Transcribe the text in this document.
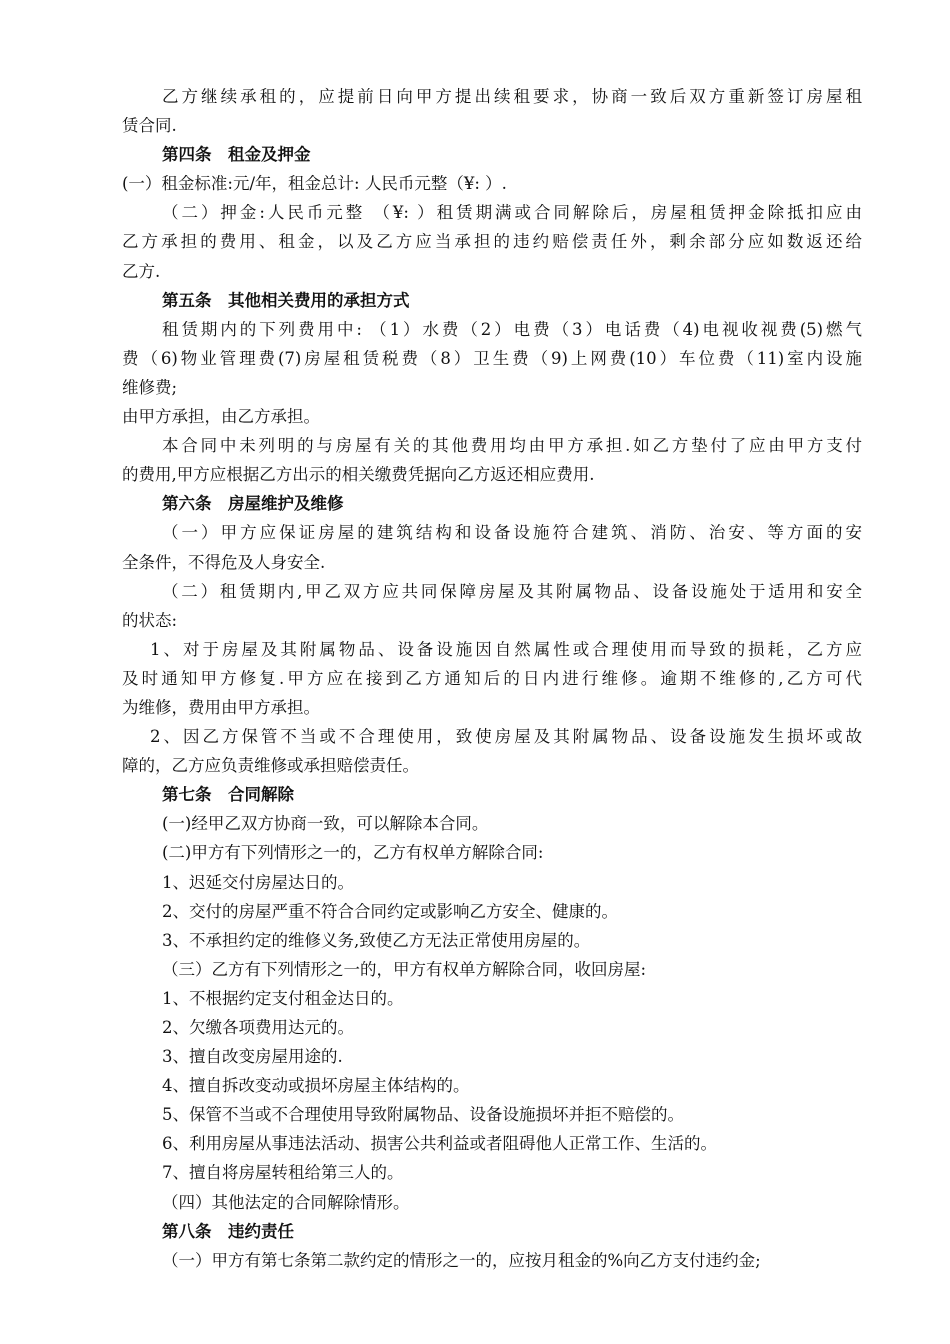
乙方继续承租的，应提前日向甲方提出续租要求，协商一致后双方重新签订房屋租
赁合同.
第四条　租金及押金
(一）租金标准:元/年，租金总计: 人民币元整（¥: ）.
（二）押金:人民币元整 （¥: ）租赁期满或合同解除后，房屋租赁押金除抵扣应由
乙方承担的费用、租金，以及乙方应当承担的违约赔偿责任外，剩余部分应如数返还给
乙方.
第五条　其他相关费用的承担方式
租赁期内的下列费用中: （1）水费（2）电费（3）电话费（4)电视收视费(5)燃气
费（6)物业管理费(7)房屋租赁税费（8）卫生费（9)上网费(10）车位费（11)室内设施
维修费;
由甲方承担，由乙方承担。
本合同中未列明的与房屋有关的其他费用均由甲方承担.如乙方垫付了应由甲方支付
的费用,甲方应根据乙方出示的相关缴费凭据向乙方返还相应费用.
第六条　房屋维护及维修
（一）甲方应保证房屋的建筑结构和设备设施符合建筑、消防、治安、等方面的安
全条件，不得危及人身安全.
（二）租赁期内,甲乙双方应共同保障房屋及其附属物品、设备设施处于适用和安全
的状态:
1、对于房屋及其附属物品、设备设施因自然属性或合理使用而导致的损耗，乙方应
及时通知甲方修复.甲方应在接到乙方通知后的日内进行维修。逾期不维修的,乙方可代
为维修，费用由甲方承担。
2、因乙方保管不当或不合理使用，致使房屋及其附属物品、设备设施发生损坏或故
障的，乙方应负责维修或承担赔偿责任。
第七条　合同解除
(一)经甲乙双方协商一致，可以解除本合同。
(二)甲方有下列情形之一的，乙方有权单方解除合同:
1、迟延交付房屋达日的。
2、交付的房屋严重不符合合同约定或影响乙方安全、健康的。
3、不承担约定的维修义务,致使乙方无法正常使用房屋的。
（三）乙方有下列情形之一的，甲方有权单方解除合同，收回房屋:
1、不根据约定支付租金达日的。
2、欠缴各项费用达元的。
3、擅自改变房屋用途的.
4、擅自拆改变动或损坏房屋主体结构的。
5、保管不当或不合理使用导致附属物品、设备设施损坏并拒不赔偿的。
6、利用房屋从事违法活动、损害公共利益或者阻碍他人正常工作、生活的。
7、擅自将房屋转租给第三人的。
（四）其他法定的合同解除情形。
第八条　违约责任
（一）甲方有第七条第二款约定的情形之一的，应按月租金的%向乙方支付违约金;
